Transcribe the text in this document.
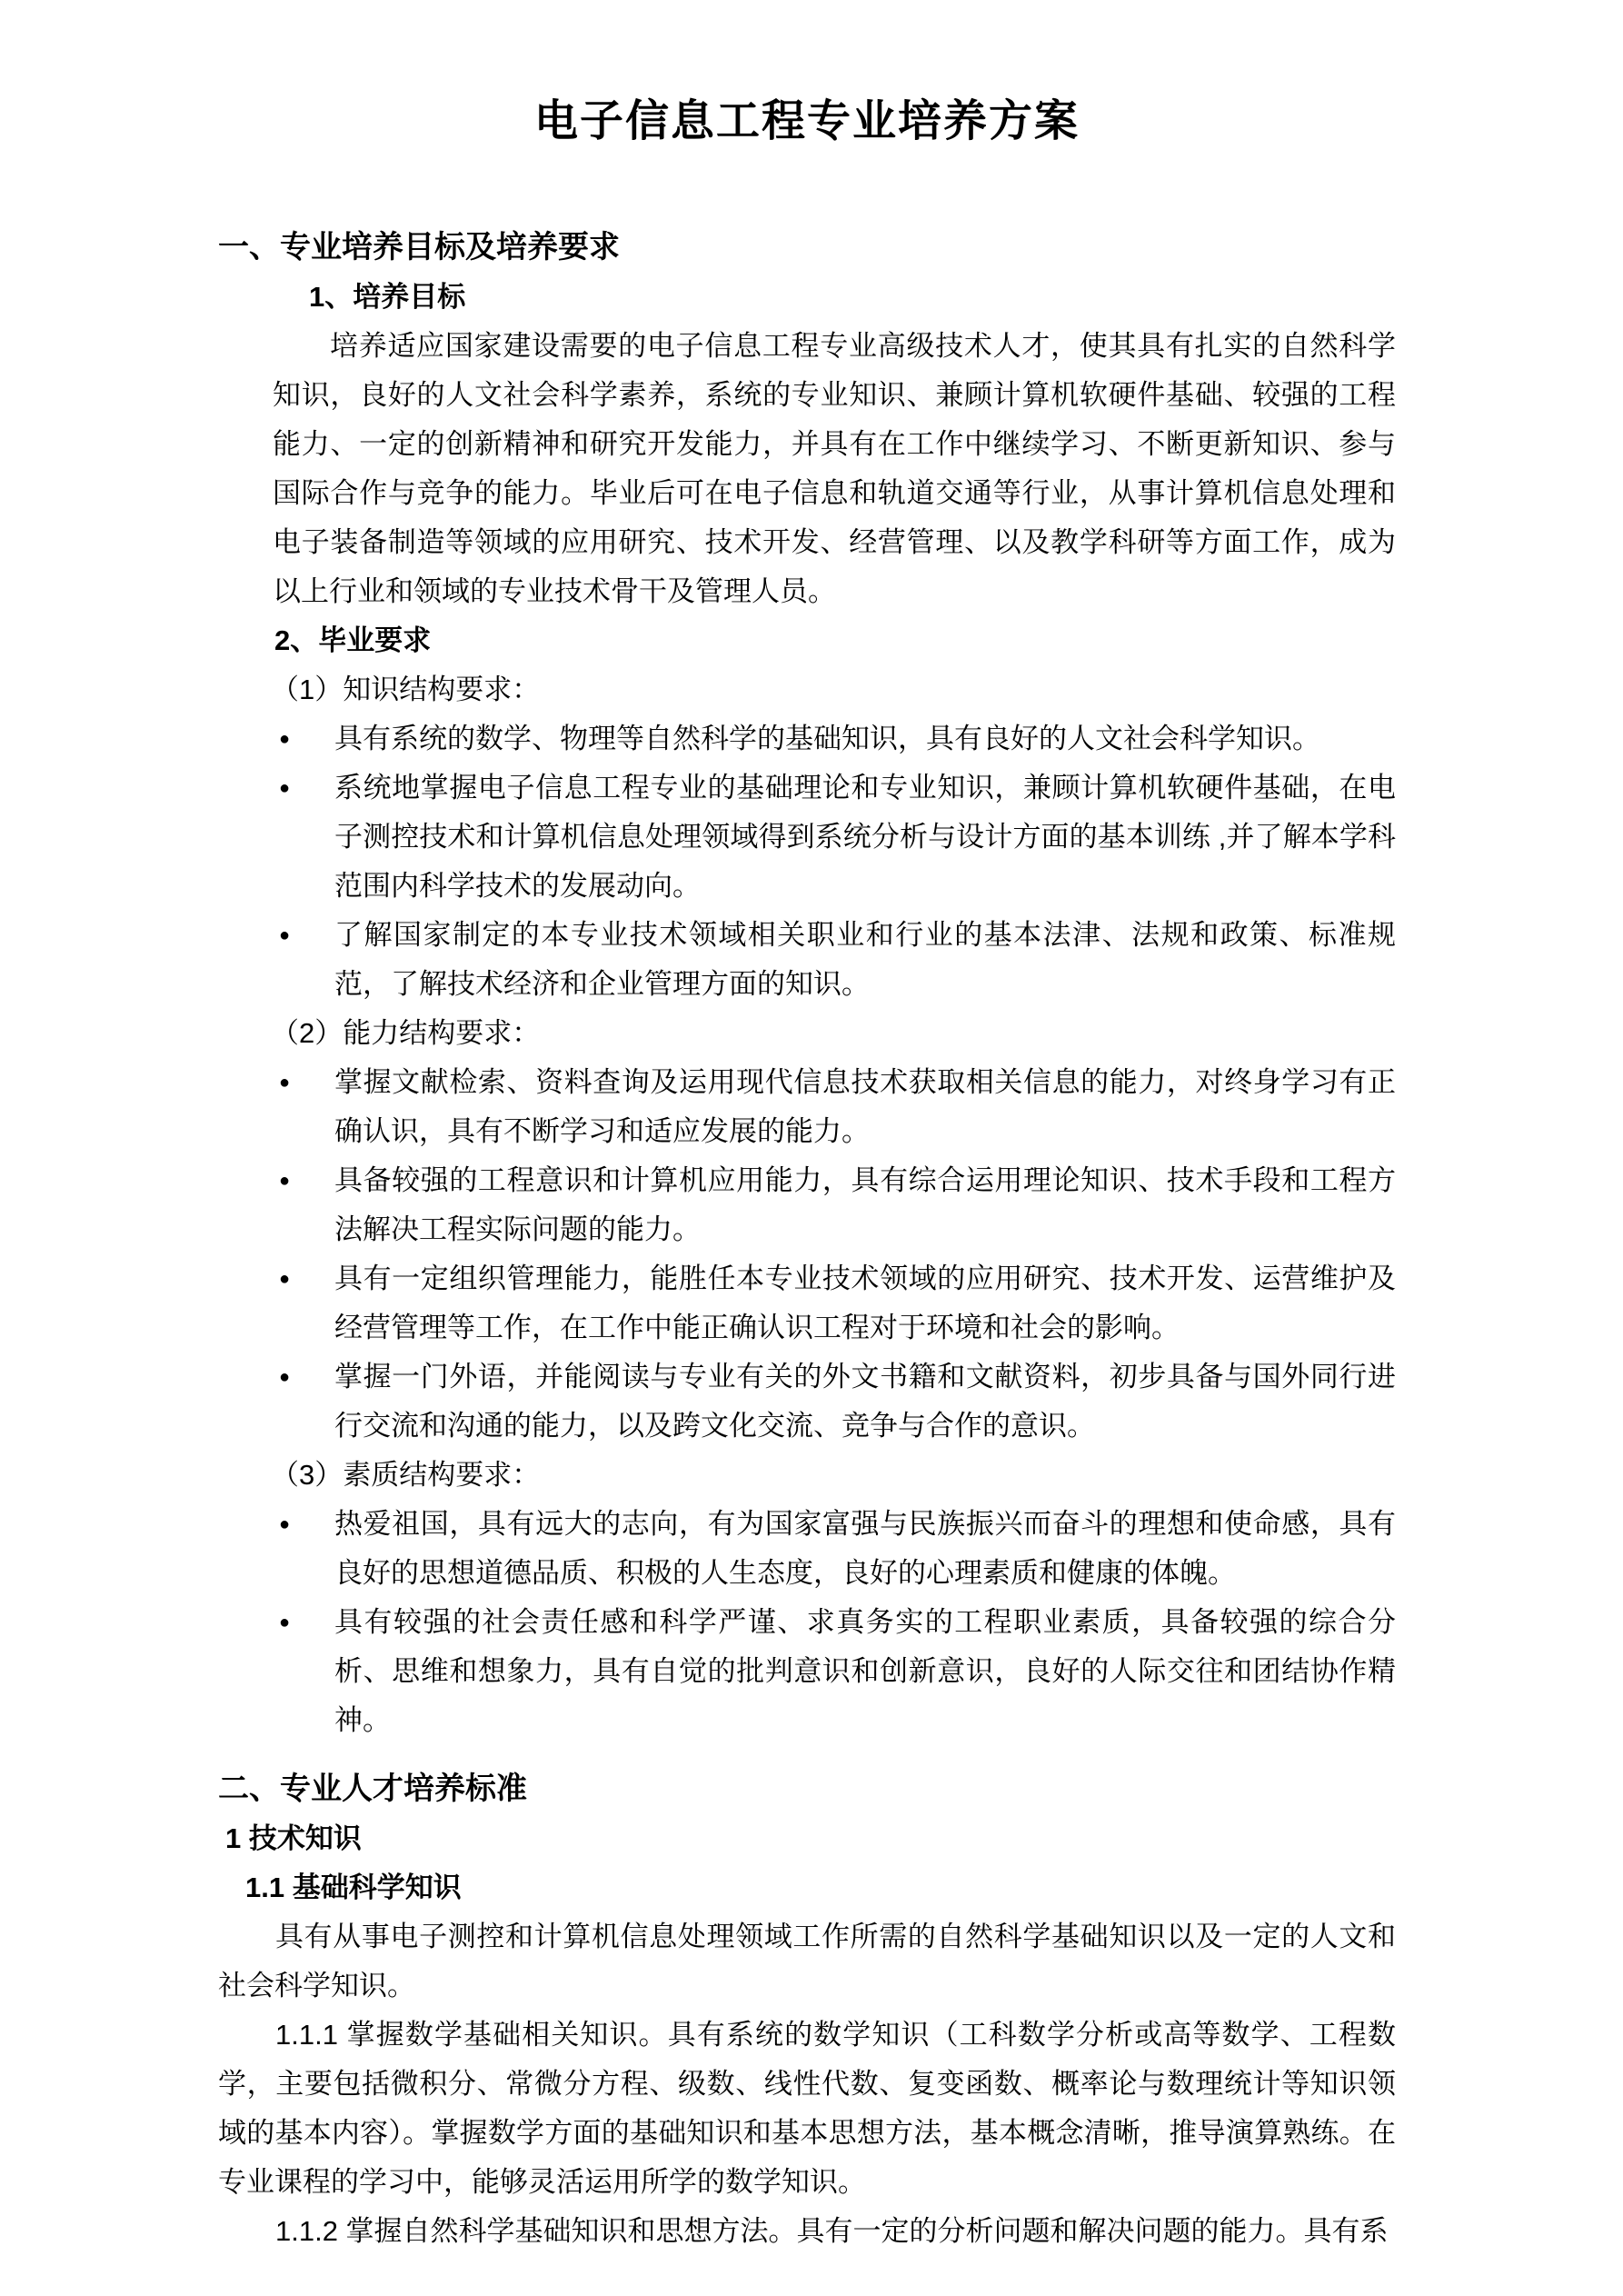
电子信息工程专业培养方案
一、专业培养目标及培养要求
1、培养目标

培养适应国家建设需要的电子信息工程专业高级技术人才，使其具有扎实的自然科学知识，良好的人文社会科学素养，系统的专业知识、兼顾计算机软硬件基础、较强的工程能力、一定的创新精神和研究开发能力，并具有在工作中继续学习、不断更新知识、参与国际合作与竞争的能力。毕业后可在电子信息和轨道交通等行业，从事计算机信息处理和电子装备制造等领域的应用研究、技术开发、经营管理、以及教学科研等方面工作，成为以上行业和领域的专业技术骨干及管理人员。

2、毕业要求
（1）知识结构要求：
● 具有系统的数学、物理等自然科学的基础知识，具有良好的人文社会科学知识。
● 系统地掌握电子信息工程专业的基础理论和专业知识，兼顾计算机软硬件基础，在电子测控技术和计算机信息处理领域得到系统分析与设计方面的基本训练 ,并了解本学科范围内科学技术的发展动向。
● 了解国家制定的本专业技术领域相关职业和行业的基本法津、法规和政策、标准规范，了解技术经济和企业管理方面的知识。
（2）能力结构要求：
● 掌握文献检索、资料查询及运用现代信息技术获取相关信息的能力，对终身学习有正确认识，具有不断学习和适应发展的能力。
● 具备较强的工程意识和计算机应用能力，具有综合运用理论知识、技术手段和工程方法解决工程实际问题的能力。
● 具有一定组织管理能力，能胜任本专业技术领域的应用研究、技术开发、运营维护及经营管理等工作，在工作中能正确认识工程对于环境和社会的影响。
● 掌握一门外语，并能阅读与专业有关的外文书籍和文献资料，初步具备与国外同行进行交流和沟通的能力，以及跨文化交流、竞争与合作的意识。
（3）素质结构要求：
● 热爱祖国，具有远大的志向，有为国家富强与民族振兴而奋斗的理想和使命感，具有良好的思想道德品质、积极的人生态度，良好的心理素质和健康的体魄。
● 具有较强的社会责任感和科学严谨、求真务实的工程职业素质，具备较强的综合分析、思维和想象力，具有自觉的批判意识和创新意识，良好的人际交往和团结协作精神。
二、专业人才培养标准
1 技术知识
1.1 基础科学知识

具有从事电子测控和计算机信息处理领域工作所需的自然科学基础知识以及一定的人文和社会科学知识。

1.1.1 掌握数学基础相关知识。具有系统的数学知识（工科数学分析或高等数学、工程数学，主要包括微积分、常微分方程、级数、线性代数、复变函数、概率论与数理统计等知识领域的基本内容）。掌握数学方面的基础知识和基本思想方法，基本概念清晰，推导演算熟练。在专业课程的学习中，能够灵活运用所学的数学知识。

1.1.2 掌握自然科学基础知识和思想方法。具有一定的分析问题和解决问题的能力。具有系
